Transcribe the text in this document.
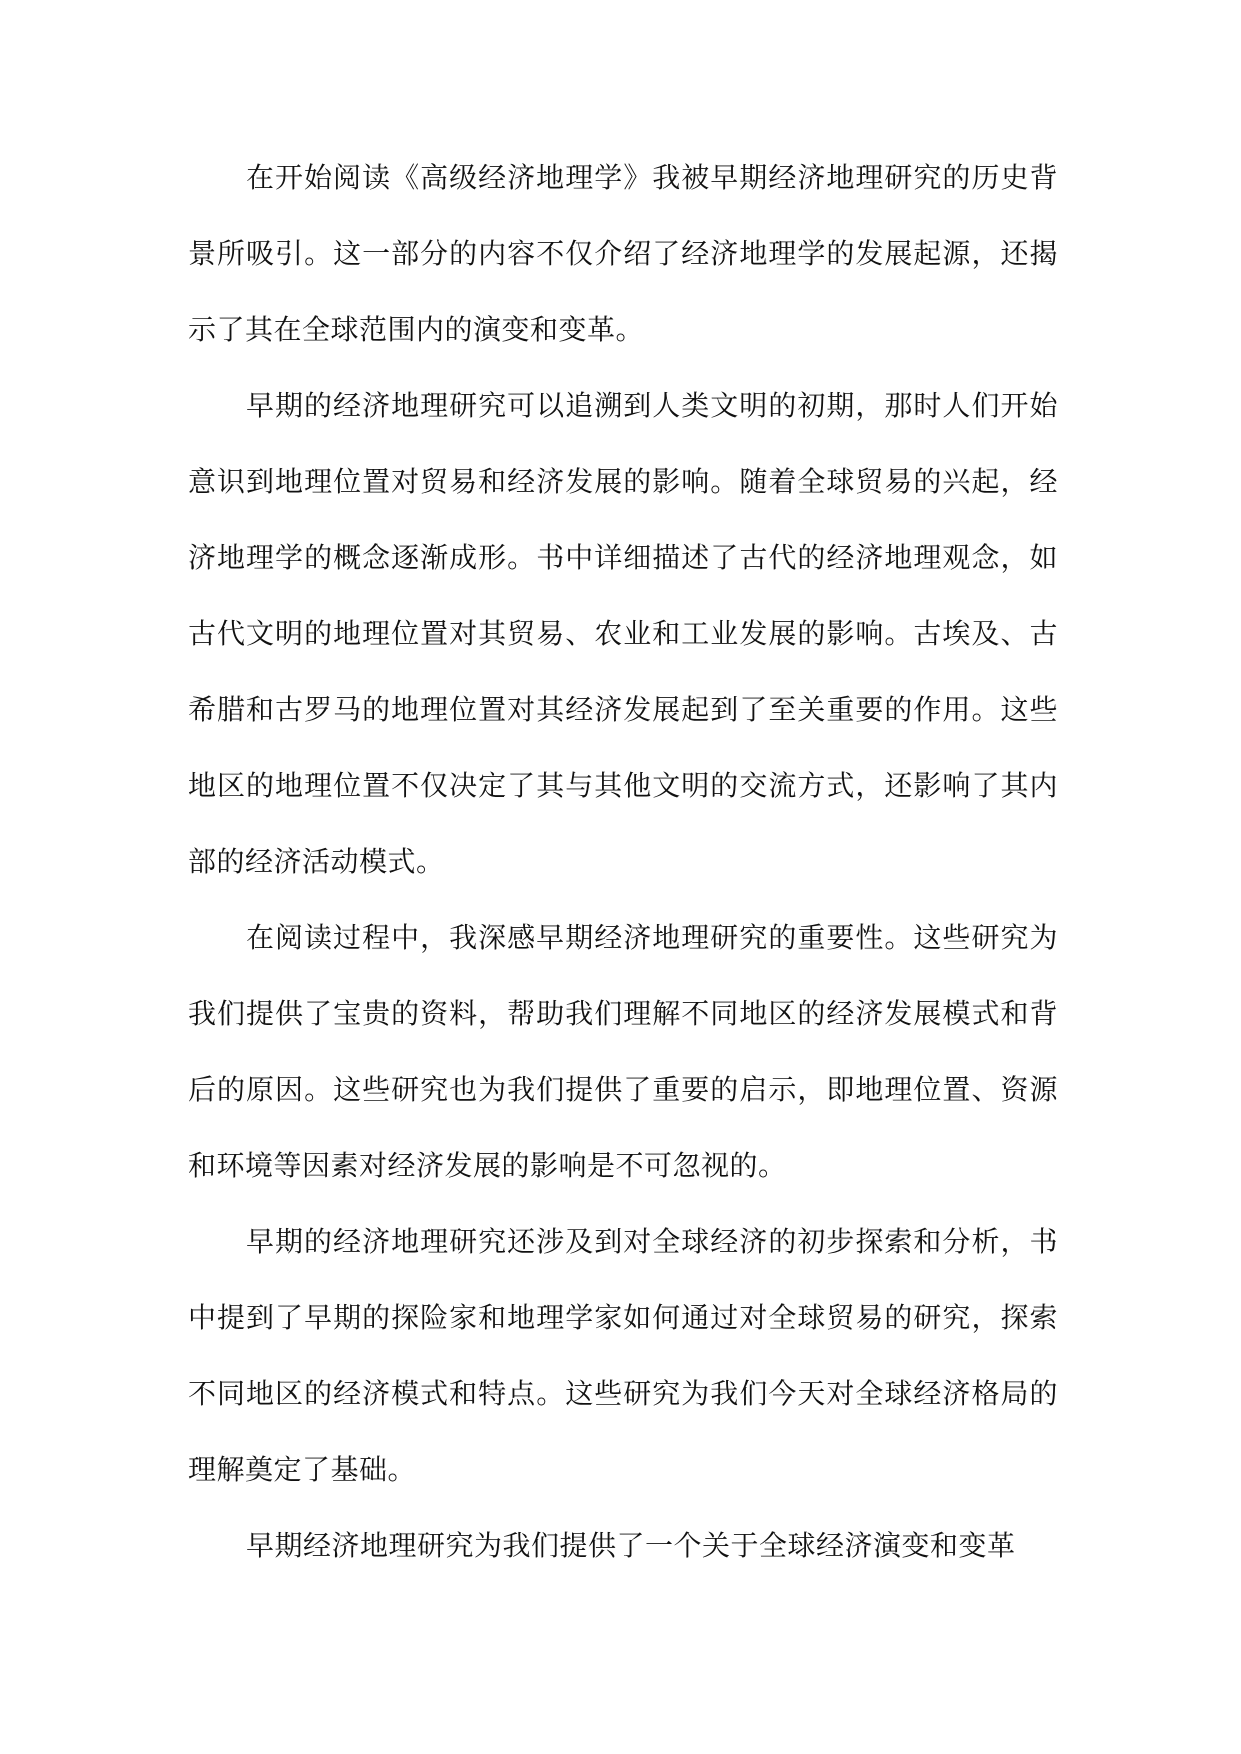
在开始阅读《高级经济地理学》我被早期经济地理研究的历史背景所吸引。这一部分的内容不仅介绍了经济地理学的发展起源，还揭示了其在全球范围内的演变和变革。

早期的经济地理研究可以追溯到人类文明的初期，那时人们开始意识到地理位置对贸易和经济发展的影响。随着全球贸易的兴起，经济地理学的概念逐渐成形。书中详细描述了古代的经济地理观念，如古代文明的地理位置对其贸易、农业和工业发展的影响。古埃及、古希腊和古罗马的地理位置对其经济发展起到了至关重要的作用。这些地区的地理位置不仅决定了其与其他文明的交流方式，还影响了其内部的经济活动模式。

在阅读过程中，我深感早期经济地理研究的重要性。这些研究为我们提供了宝贵的资料，帮助我们理解不同地区的经济发展模式和背后的原因。这些研究也为我们提供了重要的启示，即地理位置、资源和环境等因素对经济发展的影响是不可忽视的。

早期的经济地理研究还涉及到对全球经济的初步探索和分析，书中提到了早期的探险家和地理学家如何通过对全球贸易的研究，探索不同地区的经济模式和特点。这些研究为我们今天对全球经济格局的理解奠定了基础。

早期经济地理研究为我们提供了一个关于全球经济演变和变革
